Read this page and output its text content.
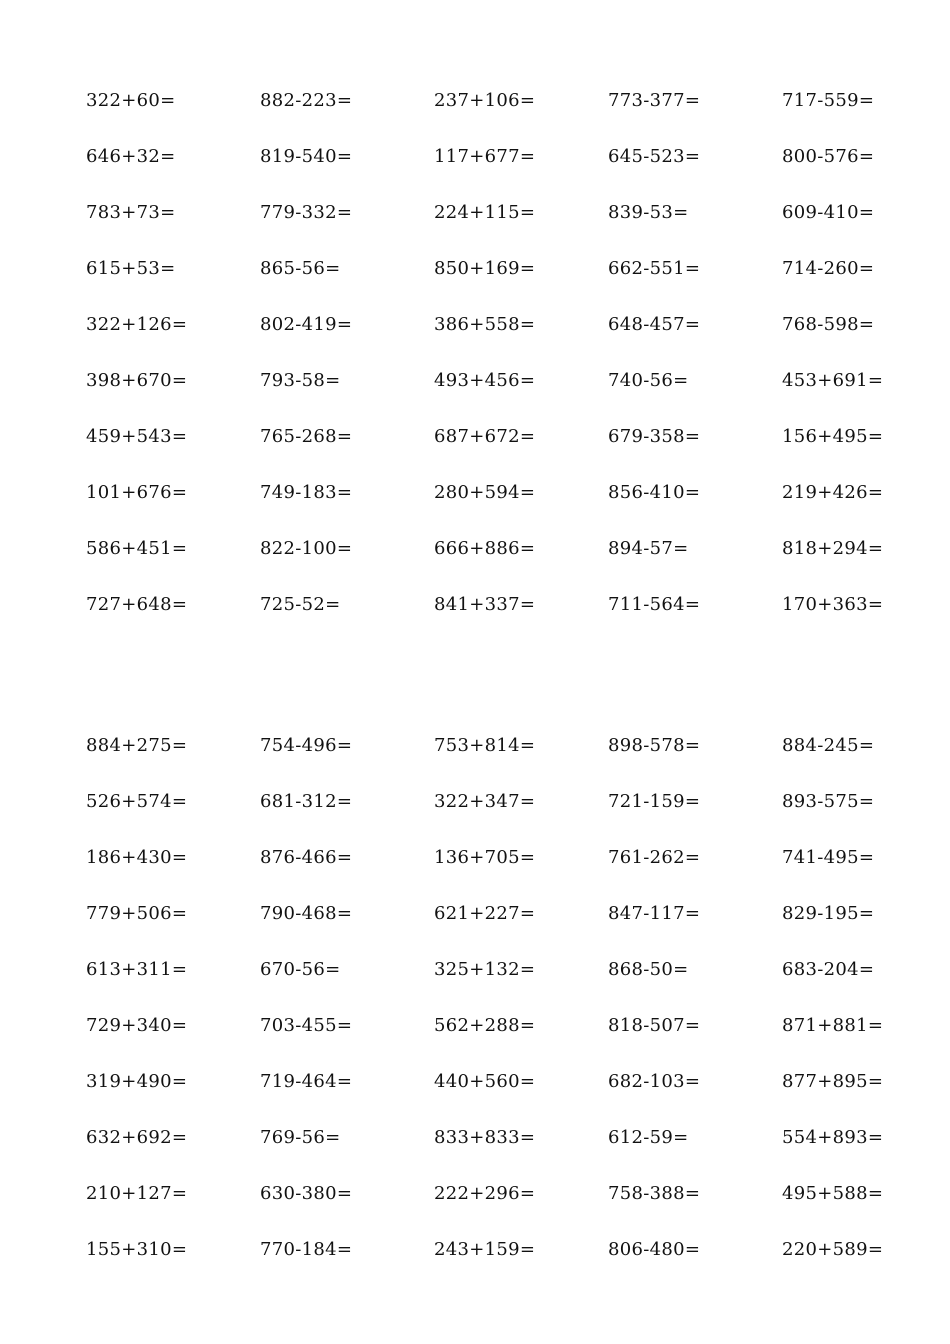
322+60=	882-223=	237+106=	773-377=	717-559=
646+32=	819-540=	117+677=	645-523=	800-576=
783+73=	779-332=	224+115=	839-53=	609-410=
615+53=	865-56=	850+169=	662-551=	714-260=
322+126=	802-419=	386+558=	648-457=	768-598=
398+670=	793-58=	493+456=	740-56=	453+691=
459+543=	765-268=	687+672=	679-358=	156+495=
101+676=	749-183=	280+594=	856-410=	219+426=
586+451=	822-100=	666+886=	894-57=	818+294=
727+648=	725-52=	841+337=	711-564=	170+363=
884+275=	754-496=	753+814=	898-578=	884-245=
526+574=	681-312=	322+347=	721-159=	893-575=
186+430=	876-466=	136+705=	761-262=	741-495=
779+506=	790-468=	621+227=	847-117=	829-195=
613+311=	670-56=	325+132=	868-50=	683-204=
729+340=	703-455=	562+288=	818-507=	871+881=
319+490=	719-464=	440+560=	682-103=	877+895=
632+692=	769-56=	833+833=	612-59=	554+893=
210+127=	630-380=	222+296=	758-388=	495+588=
155+310=	770-184=	243+159=	806-480=	220+589=
